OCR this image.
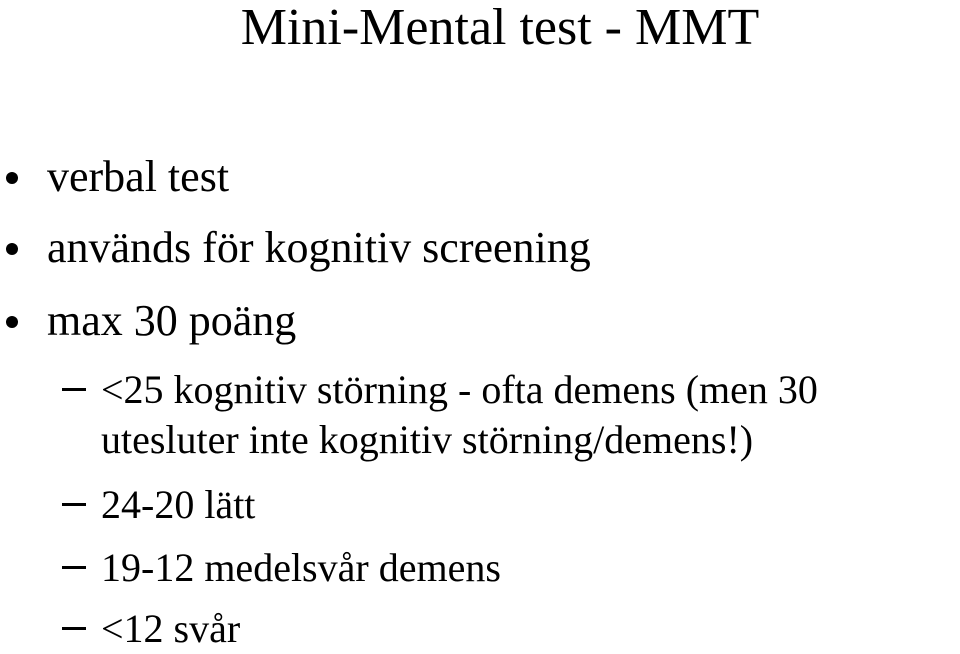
Mini-Mental test - MMT
verbal test
används för kognitiv screening
max 30 poäng
<25 kognitiv störning - ofta demens (men 30
utesluter inte kognitiv störning/demens!)
24-20 lätt
19-12 medelsvår demens
<12 svår
